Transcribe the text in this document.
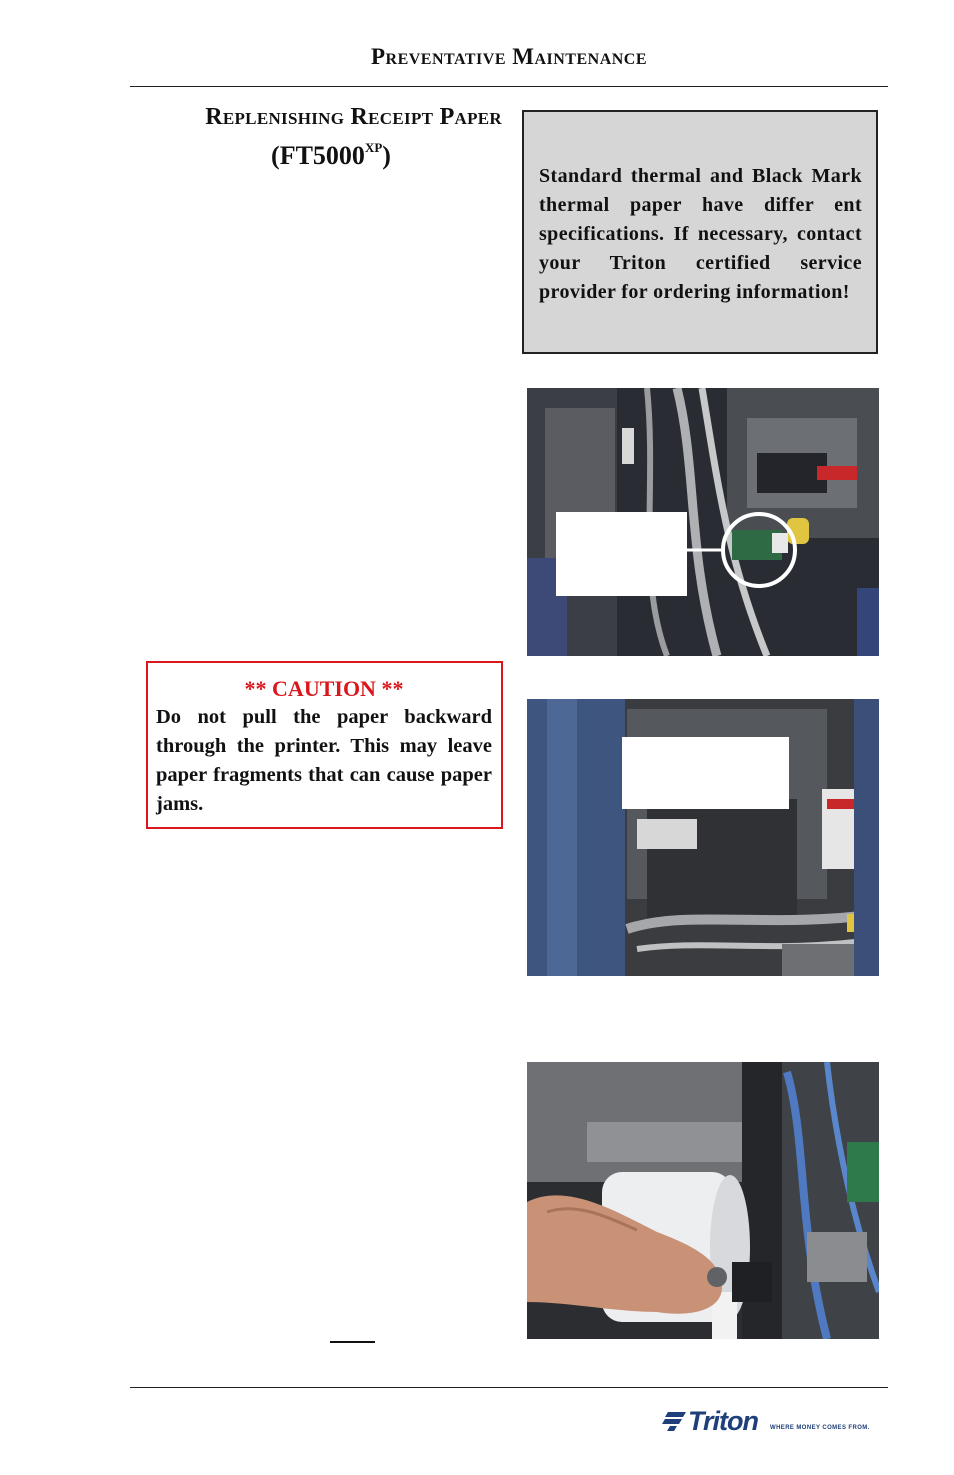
Preventative Maintenance
Replenishing Receipt Paper
$(FT5000^{XP})$
Standard thermal and Black Mark thermal paper have differ ent specifications. If necessary, contact your Triton certified service provider for ordering information!
** CAUTION **
Do not pull the paper backward through the printer. This may leave paper fragments that can cause paper jams.
Triton WHERE MONEY COMES FROM.
